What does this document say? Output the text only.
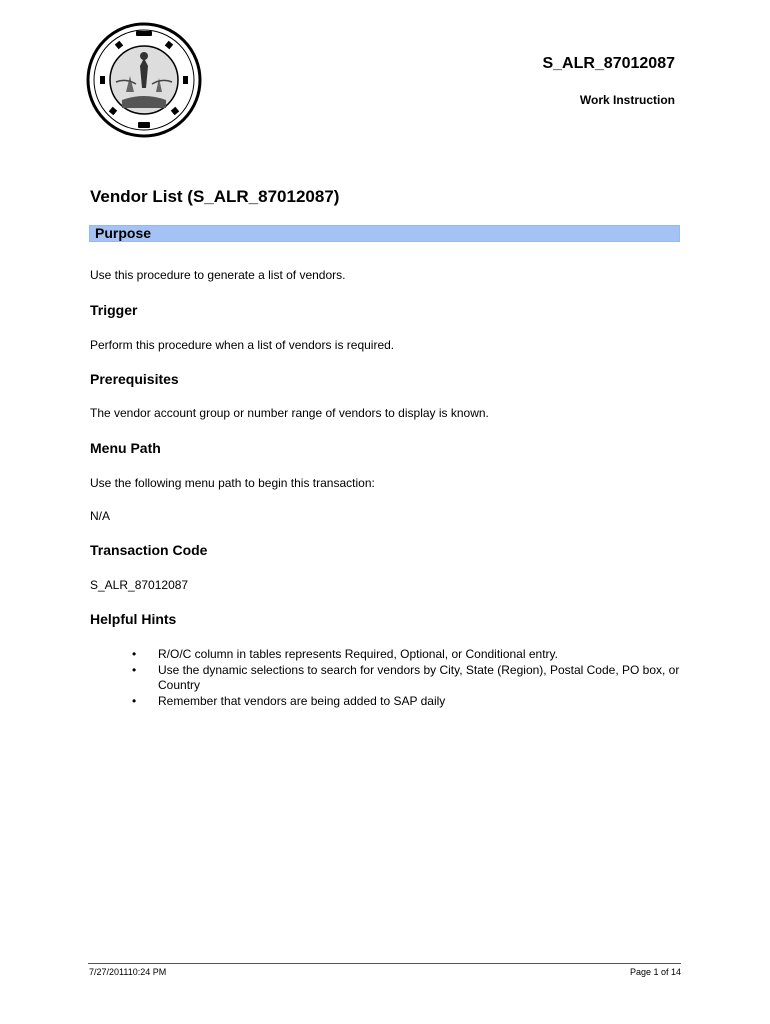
S_ALR_87012087
Work Instruction
Vendor List (S_ALR_87012087)
Purpose

Use this procedure to generate a list of vendors.

Trigger

Perform this procedure when a list of vendors is required.

Prerequisites

The vendor account group or number range of vendors to display is known.

Menu Path

Use the following menu path to begin this transaction:

N/A

Transaction Code

S_ALR_87012087

Helpful Hints
• R/O/C column in tables represents Required, Optional, or Conditional entry.
• Use the dynamic selections to search for vendors by City, State (Region), Postal Code, PO box, or Country
• Remember that vendors are being added to SAP daily
7/27/201110:24 PM	Page 1 of 14
